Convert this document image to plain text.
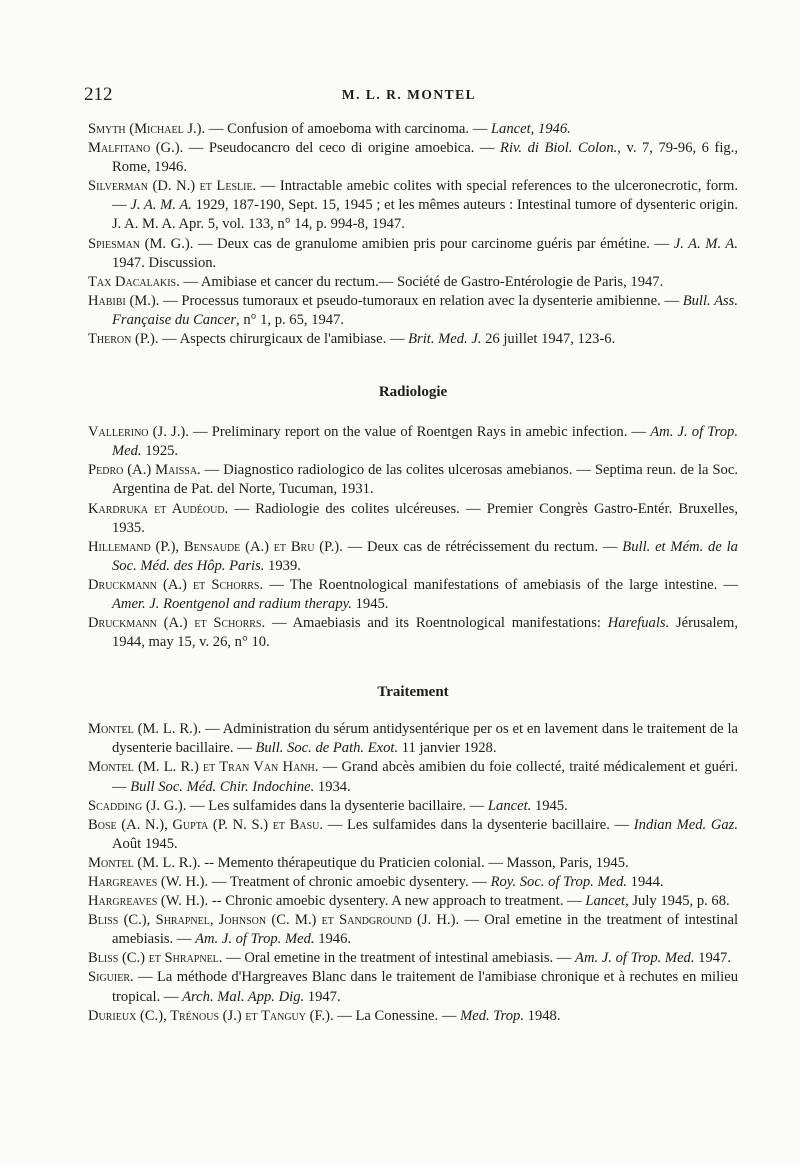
212	M. L. R. MONTEL

Smyth (Michael J.). — Confusion of amoeboma with carcinoma. — Lancet, 1946.

Malfitano (G.). — Pseudocancro del ceco di origine amoebica. — Riv. di Biol. Colon., v. 7, 79-96, 6 fig., Rome, 1946.

Silverman (D. N.) et Leslie. — Intractable amebic colites with special references to the ulceronecrotic, form. — J. A. M. A. 1929, 187-190, Sept. 15, 1945 ; et les mêmes auteurs : Intestinal tumore of dysenteric origin. J. A. M. A. Apr. 5, vol. 133, n° 14, p. 994-8, 1947.

Spiesman (M. G.). — Deux cas de granulome amibien pris pour carcinome guéris par émétine. — J. A. M. A. 1947. Discussion.

Tax Dacalakis. — Amibiase et cancer du rectum.— Société de Gastro-Entérologie de Paris, 1947.

Habibi (M.). — Processus tumoraux et pseudo-tumoraux en relation avec la dysenterie amibienne. — Bull. Ass. Française du Cancer, n° 1, p. 65, 1947.

Theron (P.). — Aspects chirurgicaux de l'amibiase. — Brit. Med. J. 26 juillet 1947, 123-6.

Radiologie

Vallerino (J. J.). — Preliminary report on the value of Roentgen Rays in amebic infection. — Am. J. of Trop. Med. 1925.

Pedro (A.) Maissa. — Diagnostico radiologico de las colites ulcerosas amebianos. — Septima reun. de la Soc. Argentina de Pat. del Norte, Tucuman, 1931.

Kardruka et Audéoud. — Radiologie des colites ulcéreuses. — Premier Congrès Gastro-Entér. Bruxelles, 1935.

Hillemand (P.), Bensaude (A.) et Bru (P.). — Deux cas de rétrécissement du rectum. — Bull. et Mém. de la Soc. Méd. des Hôp. Paris. 1939.

Druckmann (A.) et Schorrs. — The Roentnological manifestations of amebiasis of the large intestine. — Amer. J. Roentgenol and radium therapy. 1945.

Druckmann (A.) et Schorrs. — Amaebiasis and its Roentnological manifestations: Harefuals. Jérusalem, 1944, may 15, v. 26, n° 10.

Traitement

Montel (M. L. R.). — Administration du sérum antidysentérique per os et en lavement dans le traitement de la dysenterie bacillaire. — Bull. Soc. de Path. Exot. 11 janvier 1928.

Montel (M. L. R.) et Tran Van Hanh. — Grand abcès amibien du foie collecté, traité médicalement et guéri. — Bull Soc. Méd. Chir. Indochine. 1934.

Scadding (J. G.). — Les sulfamides dans la dysenterie bacillaire. — Lancet. 1945.

Bose (A. N.), Gupta (P. N. S.) et Basu. — Les sulfamides dans la dysenterie bacillaire. — Indian Med. Gaz. Août 1945.

Montel (M. L. R.). -- Memento thérapeutique du Praticien colonial. — Masson, Paris, 1945.

Hargreaves (W. H.). — Treatment of chronic amoebic dysentery. — Roy. Soc. of Trop. Med. 1944.

Hargreaves (W. H.). -- Chronic amoebic dysentery. A new approach to treatment. — Lancet, July 1945, p. 68.

Bliss (C.), Shrapnel, Johnson (C. M.) et Sandground (J. H.). — Oral emetine in the treatment of intestinal amebiasis. — Am. J. of Trop. Med. 1946.

Bliss (C.) et Shrapnel. — Oral emetine in the treatment of intestinal amebiasis. — Am. J. of Trop. Med. 1947.

Siguier. — La méthode d'Hargreaves Blanc dans le traitement de l'amibiase chronique et à rechutes en milieu tropical. — Arch. Mal. App. Dig. 1947.

Durieux (C.), Trénous (J.) et Tanguy (F.). — La Conessine. — Med. Trop. 1948.
